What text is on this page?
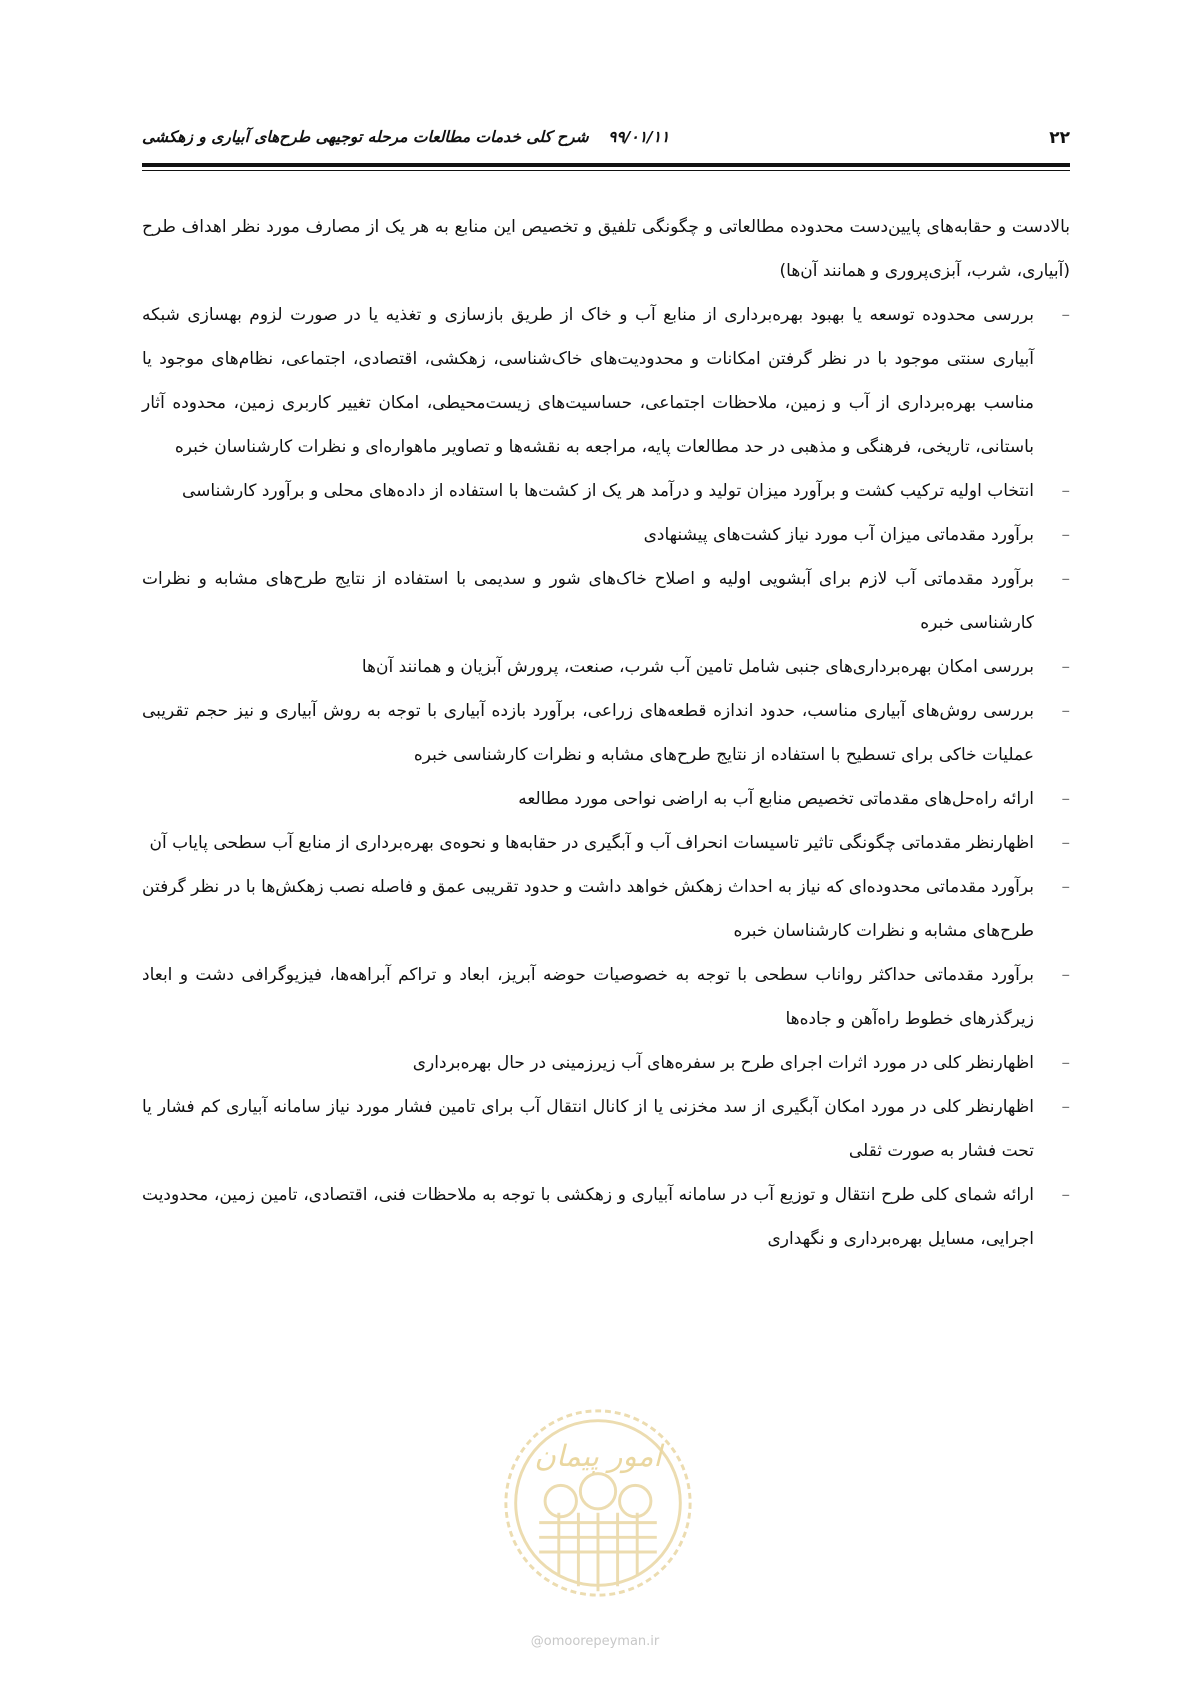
۲۲
۹۹/۰۱/۱۱ شرح کلی خدمات مطالعات مرحله توجیهی طرح‌های آبیاری و زهکشی

بالادست و حقابه‌های پایین‌دست محدوده مطالعاتی و چگونگی تلفیق و تخصیص این منابع به هر یک از مصارف مورد نظر اهداف طرح (آبیاری، شرب، آبزی‌پروری و همانند آن‌ها)

–
بررسی محدوده توسعه یا بهبود بهره‌برداری از منابع آب و خاک از طریق بازسازی و تغذیه یا در صورت لزوم بهسازی شبکه آبیاری سنتی موجود با در نظر گرفتن امکانات و محدودیت‌های خاک‌شناسی، زهکشی، اقتصادی، اجتماعی، نظام‌های موجود یا مناسب بهره‌برداری از آب و زمین، ملاحظات اجتماعی، حساسیت‌های زیست‌محیطی، امکان تغییر کاربری زمین، محدوده آثار باستانی، تاریخی، فرهنگی و مذهبی در حد مطالعات پایه، مراجعه به نقشه‌ها و تصاویر ماهواره‌ای و نظرات کارشناسان خبره
–
انتخاب اولیه ترکیب کشت و برآورد میزان تولید و درآمد هر یک از کشت‌ها با استفاده از داده‌های محلی و برآورد کارشناسی
–
برآورد مقدماتی میزان آب مورد نیاز کشت‌های پیشنهادی
–
برآورد مقدماتی آب لازم برای آبشویی اولیه و اصلاح خاک‌های شور و سدیمی با استفاده از نتایج طرح‌های مشابه و نظرات کارشناسی خبره
–
بررسی امکان بهره‌برداری‌های جنبی شامل تامین آب شرب، صنعت، پرورش آبزیان و همانند آن‌ها
–
بررسی روش‌های آبیاری مناسب، حدود اندازه قطعه‌های زراعی، برآورد بازده آبیاری با توجه به روش آبیاری و نیز حجم تقریبی عملیات خاکی برای تسطیح با استفاده از نتایج طرح‌های مشابه و نظرات کارشناسی خبره
–
ارائه راه‌حل‌های مقدماتی تخصیص منابع آب به اراضی نواحی مورد مطالعه
–
اظهارنظر مقدماتی چگونگی تاثیر تاسیسات انحراف آب و آبگیری در حقابه‌ها و نحوه‌ی بهره‌برداری از منابع آب سطحی پایاب آن
–
برآورد مقدماتی محدوده‌ای که نیاز به احداث زهکش خواهد داشت و حدود تقریبی عمق و فاصله نصب زهکش‌ها با در نظر گرفتن طرح‌های مشابه و نظرات کارشناسان خبره
–
برآورد مقدماتی حداکثر رواناب سطحی با توجه به خصوصیات حوضه آبریز، ابعاد و تراکم آبراهه‌ها، فیزیوگرافی دشت و ابعاد زیرگذرهای خطوط راه‌آهن و جاده‌ها
–
اظهارنظر کلی در مورد اثرات اجرای طرح بر سفره‌های آب زیرزمینی در حال بهره‌برداری
–
اظهارنظر کلی در مورد امکان آبگیری از سد مخزنی یا از کانال انتقال آب برای تامین فشار مورد نیاز سامانه آبیاری کم فشار یا تحت فشار به صورت ثقلی
–
ارائه شمای کلی طرح انتقال و توزیع آب در سامانه آبیاری و زهکشی با توجه به ملاحظات فنی، اقتصادی، تامین زمین، محدودیت اجرایی، مسایل بهره‌برداری و نگهداری
امور پیمان
@omoorepeyman.ir
